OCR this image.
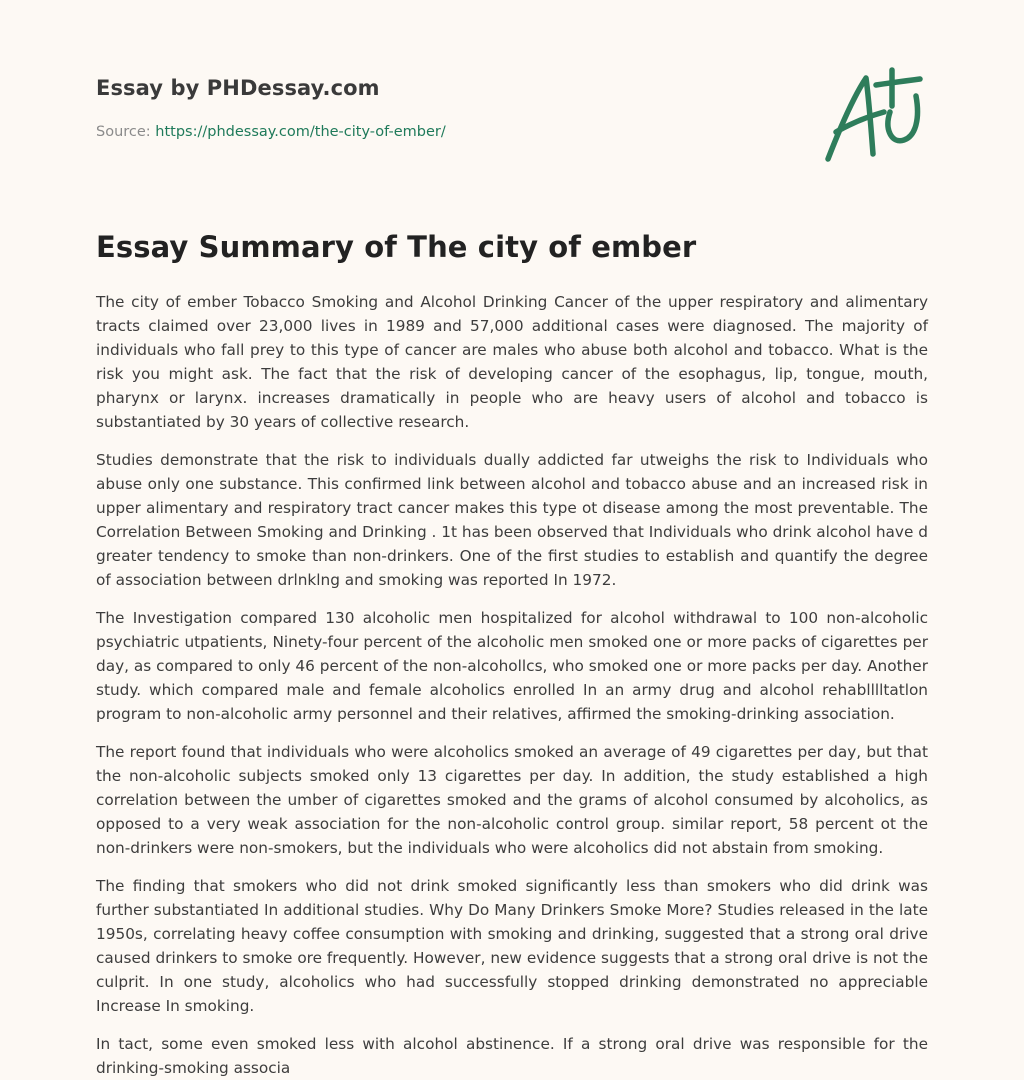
Essay by PHDessay.com
Source: https://phdessay.com/the-city-of-ember/
Essay Summary of The city of ember

The city of ember Tobacco Smoking and Alcohol Drinking Cancer of the upper respiratory and alimentary tracts claimed over 23,000 lives in 1989 and 57,000 additional cases were diagnosed. The majority of individuals who fall prey to this type of cancer are males who abuse both alcohol and tobacco. What is the risk you might ask. The fact that the risk of developing cancer of the esophagus, lip, tongue, mouth, pharynx or larynx. increases dramatically in people who are heavy users of alcohol and tobacco is substantiated by 30 years of collective research.

Studies demonstrate that the risk to individuals dually addicted far utweighs the risk to Individuals who abuse only one substance. This confirmed link between alcohol and tobacco abuse and an increased risk in upper alimentary and respiratory tract cancer makes this type ot disease among the most preventable. The Correlation Between Smoking and Drinking . 1t has been observed that Individuals who drink alcohol have d greater tendency to smoke than non-drinkers. One of the first studies to establish and quantify the degree of association between drlnklng and smoking was reported In 1972.

The Investigation compared 130 alcoholic men hospitalized for alcohol withdrawal to 100 non-alcoholic psychiatric utpatients, Ninety-four percent of the alcoholic men smoked one or more packs of cigarettes per day, as compared to only 46 percent of the non-alcohollcs, who smoked one or more packs per day. Another study. which compared male and female alcoholics enrolled In an army drug and alcohol rehablllltatlon program to non-alcoholic army personnel and their relatives, affirmed the smoking-drinking association.

The report found that individuals who were alcoholics smoked an average of 49 cigarettes per day, but that the non-alcoholic subjects smoked only 13 cigarettes per day. In addition, the study established a high correlation between the umber of cigarettes smoked and the grams of alcohol consumed by alcoholics, as opposed to a very weak association for the non-alcoholic control group. similar report, 58 percent ot the non-drinkers were non-smokers, but the individuals who were alcoholics did not abstain from smoking.

The finding that smokers who did not drink smoked significantly less than smokers who did drink was further substantiated In additional studies. Why Do Many Drinkers Smoke More? Studies released in the late 1950s, correlating heavy coffee consumption with smoking and drinking, suggested that a strong oral drive caused drinkers to smoke ore frequently. However, new evidence suggests that a strong oral drive is not the culprit. In one study, alcoholics who had successfully stopped drinking demonstrated no appreciable Increase In smoking.

In tact, some even smoked less with alcohol abstinence. If a strong oral drive was responsible for the drinking-smoking associa
